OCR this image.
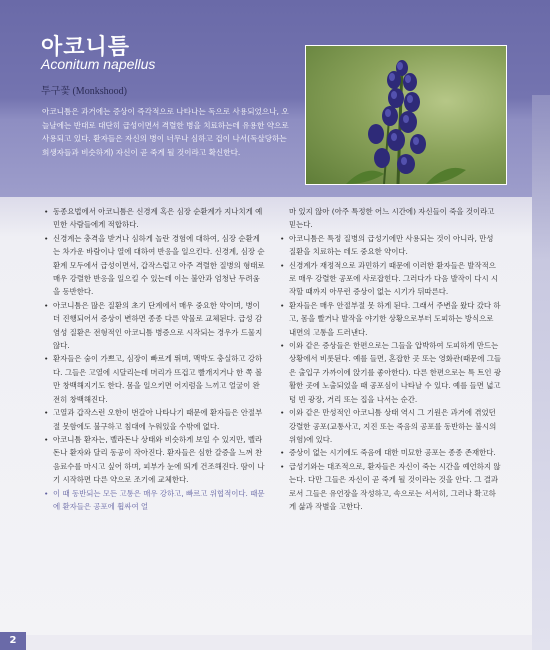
아코니틈
Aconitum napellus
투구꽃 (Monkshood)

아코니틈은 과거에는 증상이 즉각적으로 나타나는 독으로 사용되었으나, 오늘날에는 반대로 대단히 급성이면서 격렬한 병을 치료하는데 유용한 약으로 사용되고 있다. 환자들은 자신의 병이 너무나 심하고 겁이 나서(독살당하는 희생자들과 비슷하게) 자신이 곧 죽게 될 것이라고 확신한다.

• 동종요법에서 아코니틈은 신경계 혹은 심장 순환계가 지나치게 예민한 사람들에게 적합하다.
• 신경계는 충격을 받거나 심하게 놀란 경험에 대하여, 심장 순환계는 차가운 바람이나 열에 대하여 반응을 일으킨다. 신경계, 심장 순환계 모두에서 급성이면서, 갑작스럽고 아주 격렬한 질병의 형태로 매우 강렬한 반응을 일으킬 수 있는데 이는 불안과 엄청난 두려움을 동반한다.
• 아코니틈은 많은 질환의 초기 단계에서 매우 중요한 약이며, 병이 더 진행되어서 증상이 변하면 종종 다른 약물로 교체된다. 급성 감염성 질환은 전형적인 아코니틈 병증으로 시작되는 경우가 드물지 않다.
• 환자들은 숨이 가쁘고, 심장이 빠르게 뛰며, 맥박도 충실하고 강하다. 그들은 고열에 시달리는데 머리가 뜨겁고 빨개지거나 한 쪽 볼만 창백해지기도 한다. 몸을 일으키면 어지럼을 느끼고 얼굴이 완전히 창백해진다.
• 고열과 갑작스런 오한이 번갈아 나타나기 때문에 환자들은 안절부절 못함에도 불구하고 침대에 누워있을 수밖에 없다.
• 아코니틈 환자는, 벨라돈나 상태와 비슷하게 보일 수 있지만, 벨라돈나 환자와 달리 동공이 작아진다. 환자들은 심한 갈증을 느껴 찬 음료수를 마시고 싶어 하며, 피부가 눈에 띄게 건조해진다. 땀이 나기 시작하면 다른 약으로 조기에 교체한다.
• 이 때 동반되는 모든 고통은 매우 강하고, 빠르고 위협적이다. 때문에 환자들은 공포에 휩싸여 얼
마 있지 않아 (아주 특정한 어느 시간에) 자신들이 죽을 것이라고 믿는다.
• 아코니틈은 특정 질병의 급성기에만 사용되는 것이 아니라, 만성 질환을 치료하는 데도 중요한 약이다.
• 신경계가 재정적으로 과민하기 때문에 이러한 환자들은 발작적으로 매우 강렬한 공포에 사로잡힌다. 그러다가 다음 발작이 다시 시작할 때까지 아무런 증상이 없는 시기가 뒤따른다.
• 환자들은 매우 안절부절 못 하게 된다. 그래서 주변을 왔다 갔다 하고, 몸을 빨거나 발작을 야기한 상황으로부터 도피하는 방식으로 내면의 고통을 드러낸다.
• 이와 같은 증상들은 한편으로는 그들을 압박하여 도피하게 만드는 상황에서 비롯된다. 예를 들면, 혼잡한 곳 또는 영화관(때문에 그들은 출입구 가까이에 앉기를 좋아한다). 다른 한편으로는 특 트인 광활한 곳에 노출되었을 때 공포심이 나타날 수 있다. 예를 들면 넓고 텅 빈 광장, 거리 또는 집을 나서는 순간.
• 이와 같은 만성적인 아코니틈 상태 역시 그 기원은 과거에 겪었던 강렬한 공포(교통사고, 지진 또는 죽음의 공포를 동반하는 불시의 위험)에 있다.
• 증상이 없는 시기에도 죽음에 대한 미묘한 공포는 종종 존재한다.
• 급성기와는 대조적으로, 환자들은 자신이 죽는 시간을 예언하지 않는다. 다만 그들은 자신이 곧 죽게 될 것이라는 것을 안다. 그 결과로서 그들은 유언장을 작성하고, 속으로는 서서히, 그러나 확고하게 삶과 작별을 고한다.
2
